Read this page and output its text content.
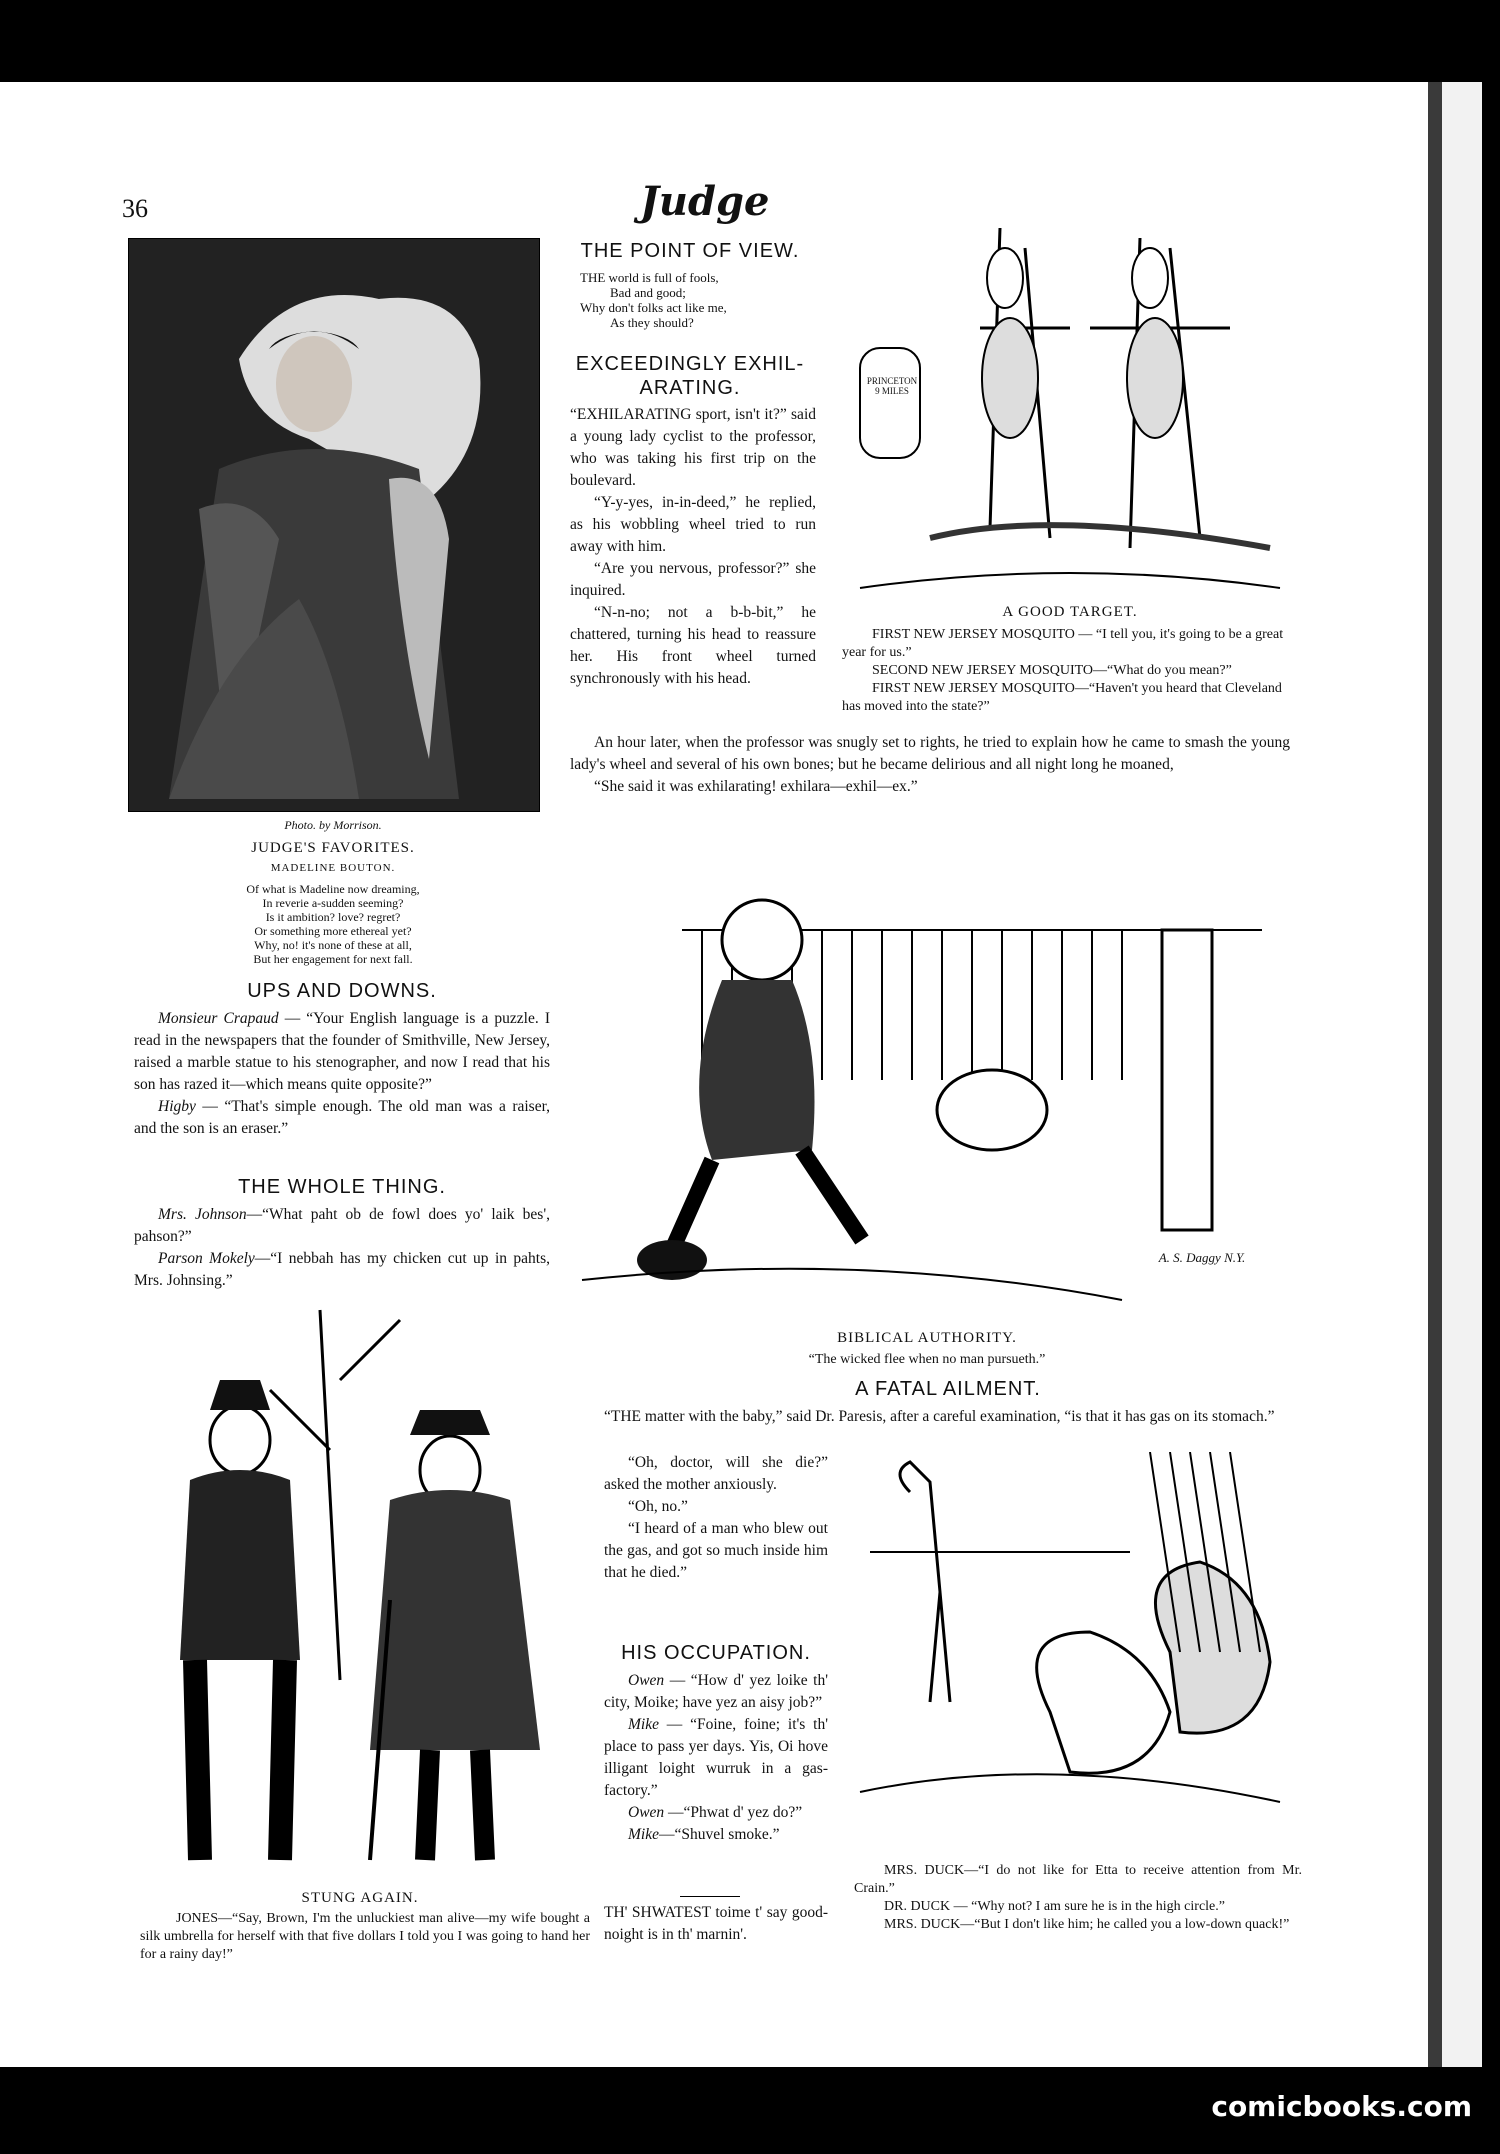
36	Judge
Photo. by Morrison.
JUDGE'S FAVORITES.
MADELINE BOUTON.
Of what is Madeline now dreaming,
In reverie a-sudden seeming?
Is it ambition? love? regret?
Or something more ethereal yet?
Why, no! it's none of these at all,
But her engagement for next fall.
THE POINT OF VIEW.
THE world is full of fools,
Bad and good;
Why don't folks act like me,
As they should?
EXCEEDINGLY EXHIL-ARATING.

“EXHILARATING sport, isn't it?” said a young lady cyclist to the professor, who was taking his first trip on the boulevard.

“Y-y-yes, in-in-deed,” he replied, as his wobbling wheel tried to run away with him.

“Are you nervous, professor?” she inquired.

“N-n-no; not a b-b-bit,” he chattered, turning his head to reassure her. His front wheel turned synchronously with his head.

An hour later, when the professor was snugly set to rights, he tried to explain how he came to smash the young lady's wheel and several of his own bones; but he became delirious and all night long he moaned,

“She said it was exhilarating! exhilara—exhil—ex.”

PRINCETON 9 MILES
A GOOD TARGET.
FIRST NEW JERSEY MOSQUITO — “I tell you, it's going to be a great year for us.”
SECOND NEW JERSEY MOSQUITO—“What do you mean?”
FIRST NEW JERSEY MOSQUITO—“Haven't you heard that Cleveland has moved into the state?”
UPS AND DOWNS.

Monsieur Crapaud — “Your English language is a puzzle. I read in the newspapers that the founder of Smithville, New Jersey, raised a marble statue to his stenographer, and now I read that his son has razed it—which means quite opposite?”

Higby — “That's simple enough. The old man was a raiser, and the son is an eraser.”

THE WHOLE THING.

Mrs. Johnson—“What paht ob de fowl does yo' laik bes', pahson?”

Parson Mokely—“I nebbah has my chicken cut up in pahts, Mrs. Johnsing.”

A. S. Daggy N.Y.
BIBLICAL AUTHORITY.
“The wicked flee when no man pursueth.”
A FATAL AILMENT.

“THE matter with the baby,” said Dr. Paresis, after a careful examination, “is that it has gas on its stomach.”

“Oh, doctor, will she die?” asked the mother anxiously.

“Oh, no.”

“I heard of a man who blew out the gas, and got so much inside him that he died.”

HIS OCCUPATION.

Owen — “How d' yez loike th' city, Moike; have yez an aisy job?”

Mike — “Foine, foine; it's th' place to pass yer days. Yis, Oi hove illigant loight wurruk in a gas-factory.”

Owen —“Phwat d' yez do?”

Mike—“Shuvel smoke.”

TH' SHWATEST toime t' say good-noight is in th' marnin'.

STUNG AGAIN.
JONES—“Say, Brown, I'm the unluckiest man alive—my wife bought a silk umbrella for herself with that five dollars I told you I was going to hand her for a rainy day!”
MRS. DUCK—“I do not like for Etta to receive attention from Mr. Crain.”
DR. DUCK — “Why not? I am sure he is in the high circle.”
MRS. DUCK—“But I don't like him; he called you a low-down quack!”
comicbooks.com
